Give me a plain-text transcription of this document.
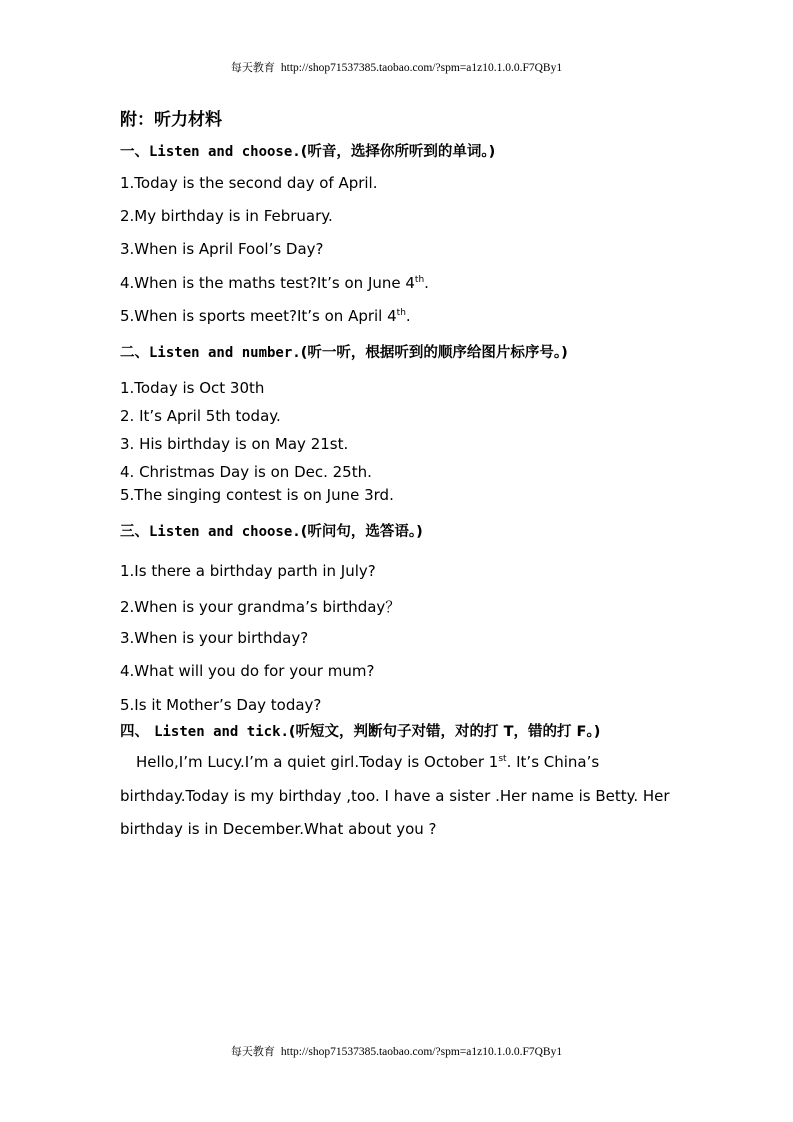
每天教育 http://shop71537385.taobao.com/?spm=a1z10.1.0.0.F7QBy1
附：听力材料
一、Listen and choose.(听音，选择你所听到的单词。)
1.Today is the second day of April.
2.My birthday is in February.
3.When is April Fool’s Day?
4.When is the maths test?It’s on June 4th.
5.When is sports meet?It’s on April 4th.
二、Listen and number.(听一听，根据听到的顺序给图片标序号。)
1.Today is Oct 30th
2. It’s April 5th today.
3. His birthday is on May 21st.
4. Christmas Day is on Dec. 25th.
5.The singing contest is on June 3rd.
三、Listen and choose.(听问句，选答语。)
1.Is there a birthday parth in July?
2.When is your grandma’s birthday？
3.When is your birthday?
4.What will you do for your mum?
5.Is it Mother’s Day today?
四、 Listen and tick.(听短文，判断句子对错，对的打 T，错的打 F。)
Hello,I’m Lucy.I’m a quiet girl.Today is October 1st. It’s China’s
birthday.Today is my birthday ,too. I have a sister .Her name is Betty. Her
birthday is in December.What about you ?
每天教育 http://shop71537385.taobao.com/?spm=a1z10.1.0.0.F7QBy1
